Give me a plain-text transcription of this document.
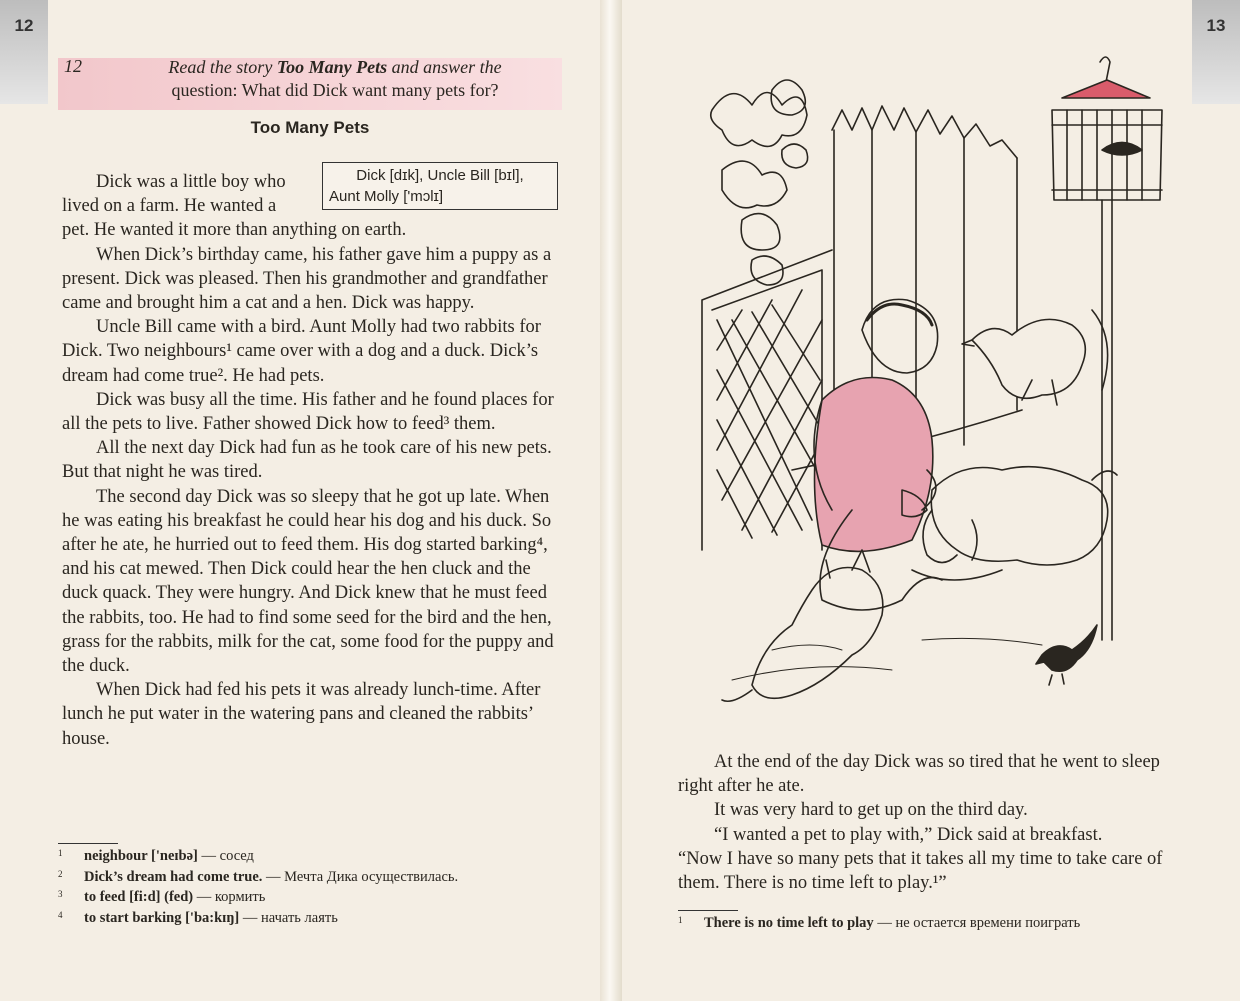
12
12	Read the story Too Many Pets and answer the
question: What did Dick want many pets for?
Too Many Pets
Dick [dɪk], Uncle Bill [bɪl],
Aunt Molly ['mɔlɪ]

Dick was a little boy who lived on a farm. He wanted a pet. He wanted it more than anything on earth.

When Dick’s birthday came, his father gave him a puppy as a present. Dick was pleased. Then his grandmother and grandfather came and brought him a cat and a hen. Dick was happy.

Uncle Bill came with a bird. Aunt Molly had two rabbits for Dick. Two neighbours¹ came over with a dog and a duck. Dick’s dream had come true². He had pets.

Dick was busy all the time. His father and he found places for all the pets to live. Father showed Dick how to feed³ them.

All the next day Dick had fun as he took care of his new pets. But that night he was tired.

The second day Dick was so sleepy that he got up late. When he was eating his breakfast he could hear his dog and his duck. So after he ate, he hurried out to feed them. His dog started barking⁴, and his cat mewed. Then Dick could hear the hen cluck and the duck quack. They were hungry. And Dick knew that he must feed the rabbits, too. He had to find some seed for the bird and the hen, grass for the rabbits, milk for the cat, some food for the puppy and the duck.

When Dick had fed his pets it was already lunch-time. After lunch he put water in the watering pans and cleaned the rabbits’ house.

1 neighbour ['neɪbə] — сосед
2 Dick’s dream had come true. — Мечта Дика осуществилась.
3 to feed [fi:d] (fed) — кормить
4 to start barking ['ba:kɪŋ] — начать лаять
13

At the end of the day Dick was so tired that he went to sleep right after he ate.

It was very hard to get up on the third day.

“I wanted a pet to play with,” Dick said at breakfast.

“Now I have so many pets that it takes all my time to take care of them. There is no time left to play.¹”

1 There is no time left to play — не остается времени поиграть
